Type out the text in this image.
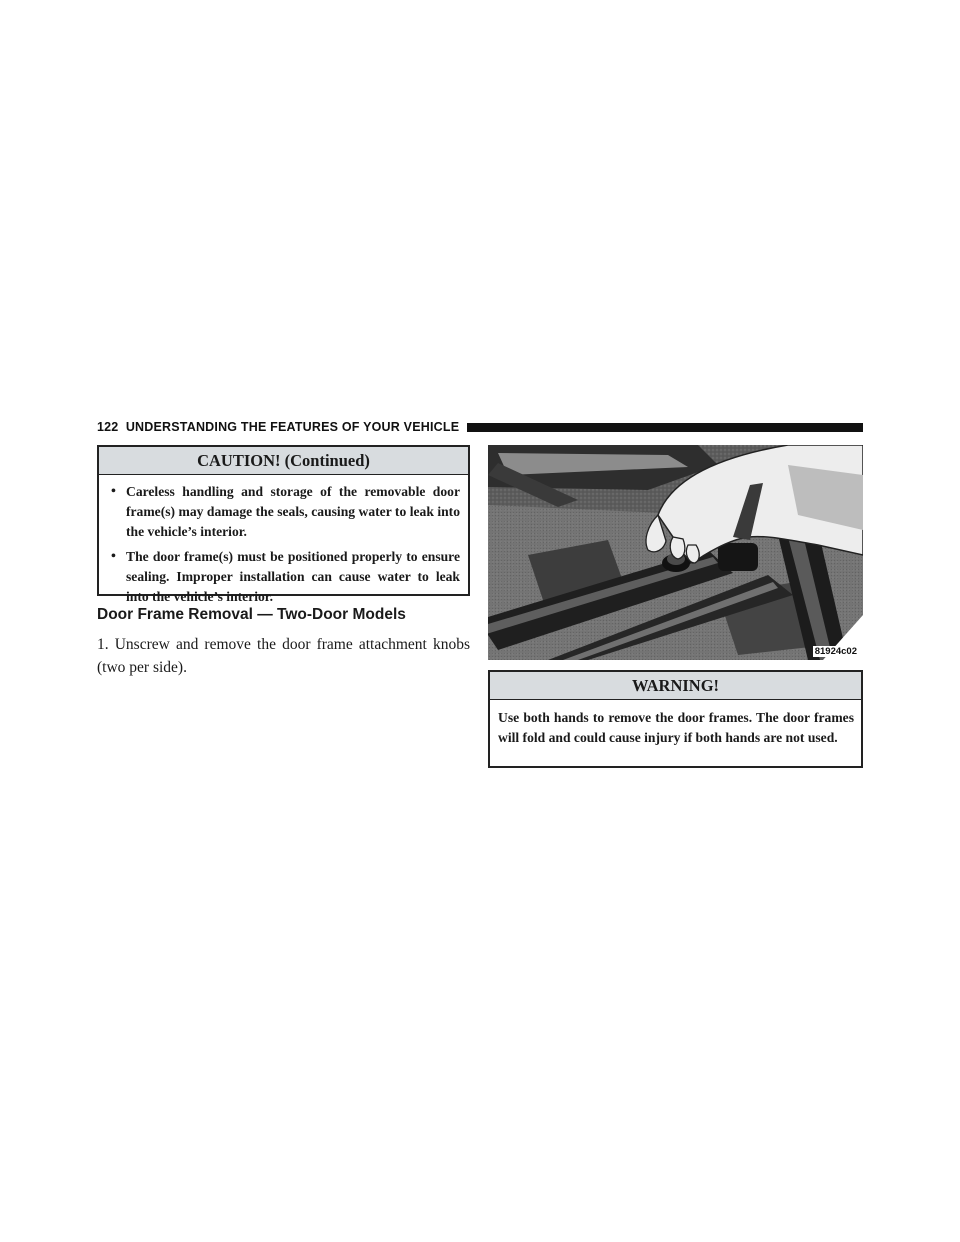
122 UNDERSTANDING THE FEATURES OF YOUR VEHICLE
CAUTION! (Continued)
• Careless handling and storage of the removable door frame(s) may damage the seals, causing water to leak into the vehicle’s interior.
• The door frame(s) must be positioned properly to ensure sealing. Improper installation can cause water to leak into the vehicle’s interior.
Door Frame Removal — Two-Door Models
1. Unscrew and remove the door frame attachment knobs (two per side).
81924c02
WARNING!
Use both hands to remove the door frames. The door frames will fold and could cause injury if both hands are not used.
